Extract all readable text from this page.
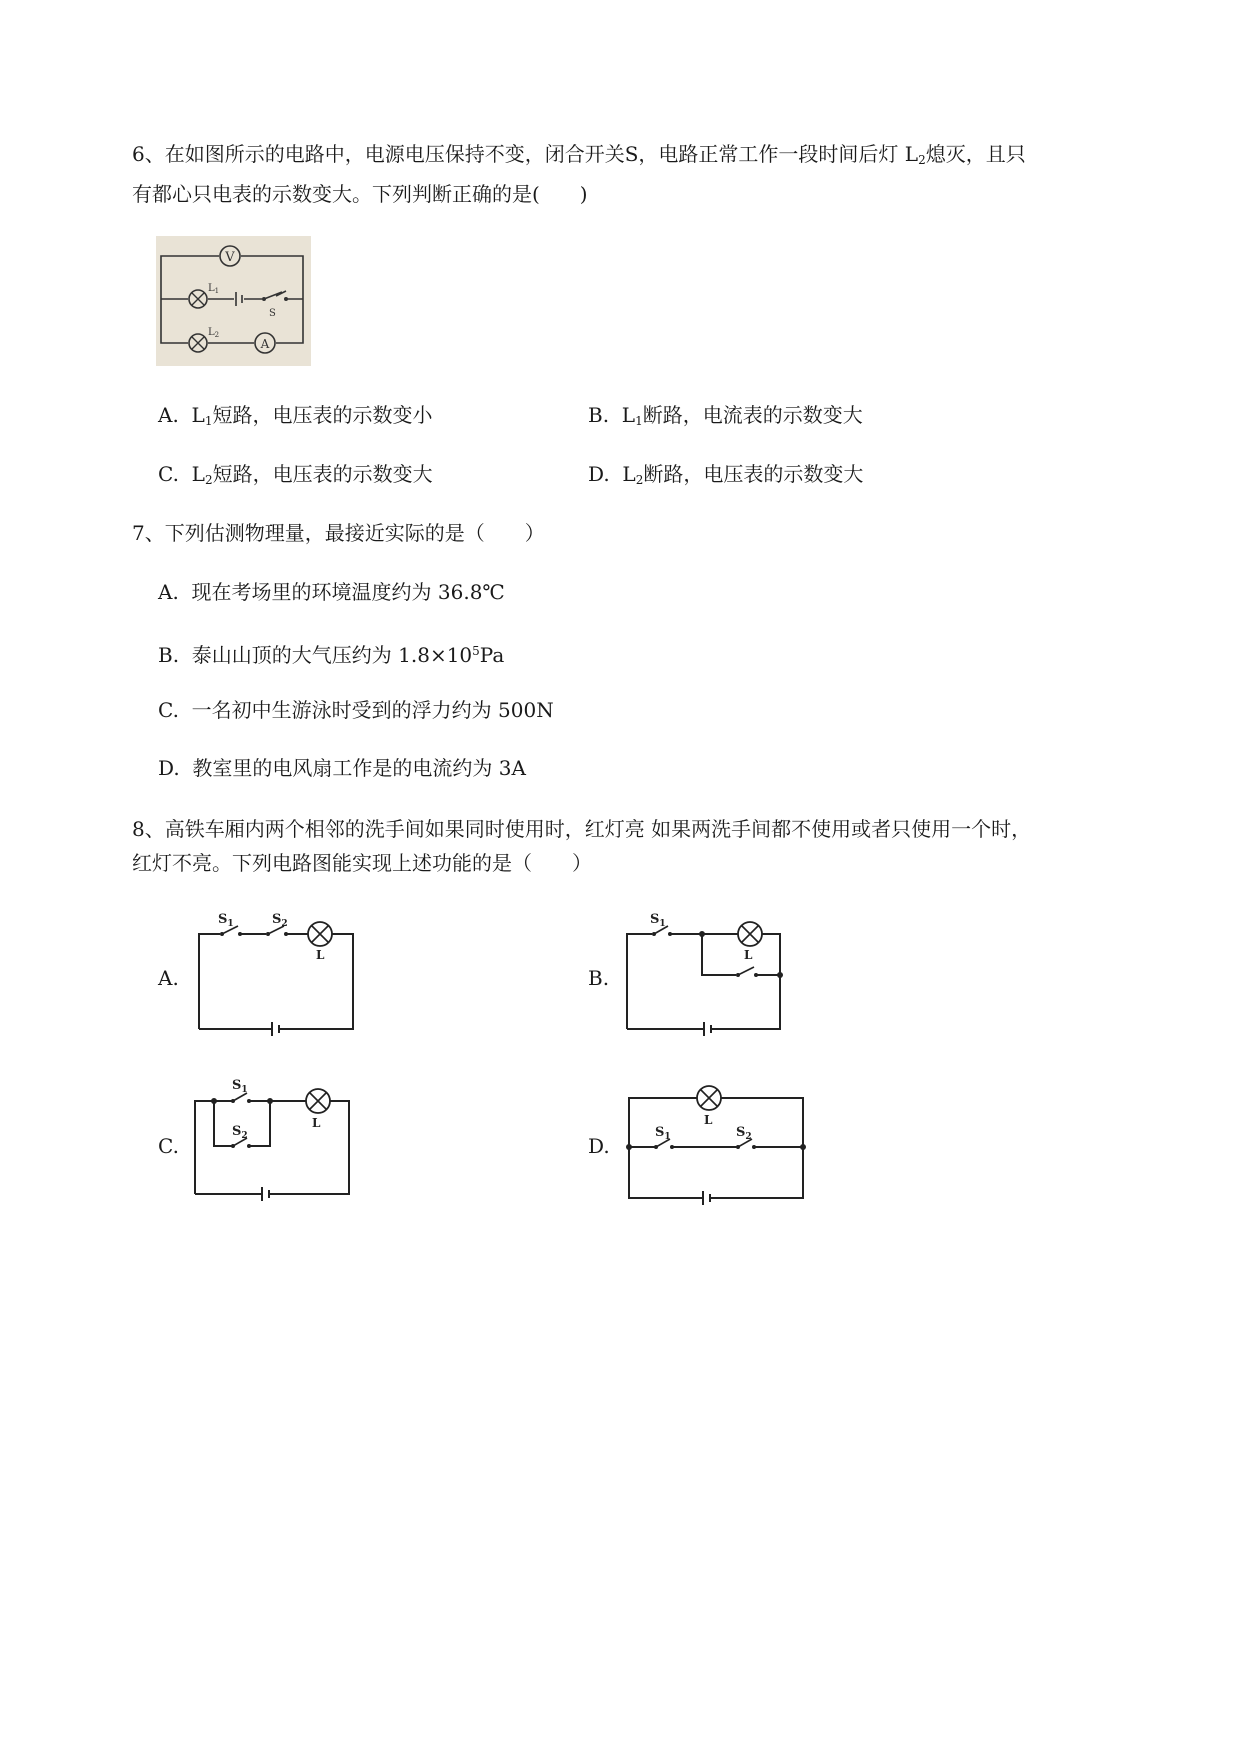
6、在如图所示的电路中，电源电压保持不变，闭合开关S，电路正常工作一段时间后灯 $L_2$熄灭，且只
有都心只电表的示数变大。下列判断正确的是(　　)
V
$L_1$
S
$L_2$
A
A. $L_1$短路，电压表的示数变小	B. $L_1$断路，电流表的示数变大
C. $L_2$短路，电压表的示数变大	D. $L_2$断路，电压表的示数变大
7、下列估测物理量，最接近实际的是（　　）
A. 现在考场里的环境温度约为 36.8℃
B. 泰山山顶的大气压约为 $1.8\times 10^5Pa$
C. 一名初中生游泳时受到的浮力约为 500N
D. 教室里的电风扇工作是的电流约为 3A
8、高铁车厢内两个相邻的洗手间如果同时使用时，红灯亮 如果两洗手间都不使用或者只使用一个时，
红灯不亮。下列电路图能实现上述功能的是（　　）
A.
$S_1$	$S_2$
L
B.
$S_1$
L
C.
$S_1$
$S_2$
L
D.
L
$S_1$	$S_2$
